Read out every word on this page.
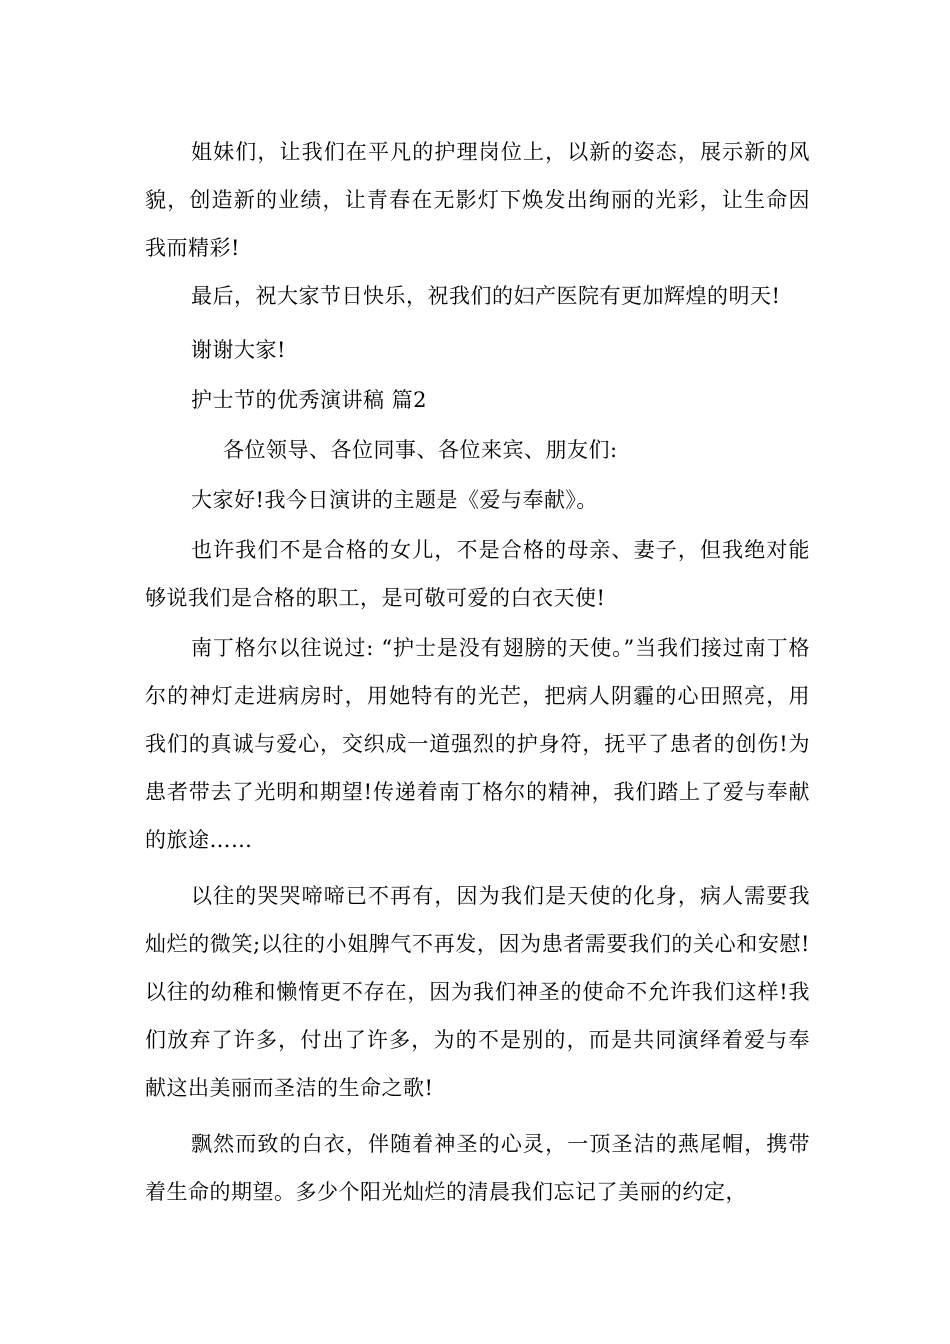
姐妹们，让我们在平凡的护理岗位上，以新的姿态，展示新的风貌，创造新的业绩，让青春在无影灯下焕发出绚丽的光彩，让生命因我而精彩!

最后，祝大家节日快乐，祝我们的妇产医院有更加辉煌的明天!

谢谢大家!

护士节的优秀演讲稿 篇2

各位领导、各位同事、各位来宾、朋友们:

大家好!我今日演讲的主题是《爱与奉献》。

也许我们不是合格的女儿，不是合格的母亲、妻子，但我绝对能够说我们是合格的职工，是可敬可爱的白衣天使!

南丁格尔以往说过: “护士是没有翅膀的天使。”当我们接过南丁格尔的神灯走进病房时，用她特有的光芒，把病人阴霾的心田照亮，用我们的真诚与爱心，交织成一道强烈的护身符，抚平了患者的创伤!为患者带去了光明和期望!传递着南丁格尔的精神，我们踏上了爱与奉献的旅途……

以往的哭哭啼啼已不再有，因为我们是天使的化身，病人需要我灿烂的微笑;以往的小姐脾气不再发，因为患者需要我们的关心和安慰!以往的幼稚和懒惰更不存在，因为我们神圣的使命不允许我们这样!我们放弃了许多，付出了许多，为的不是别的，而是共同演绎着爱与奉献这出美丽而圣洁的生命之歌!

飘然而致的白衣，伴随着神圣的心灵，一顶圣洁的燕尾帽，携带着生命的期望。多少个阳光灿烂的清晨我们忘记了美丽的约定，
